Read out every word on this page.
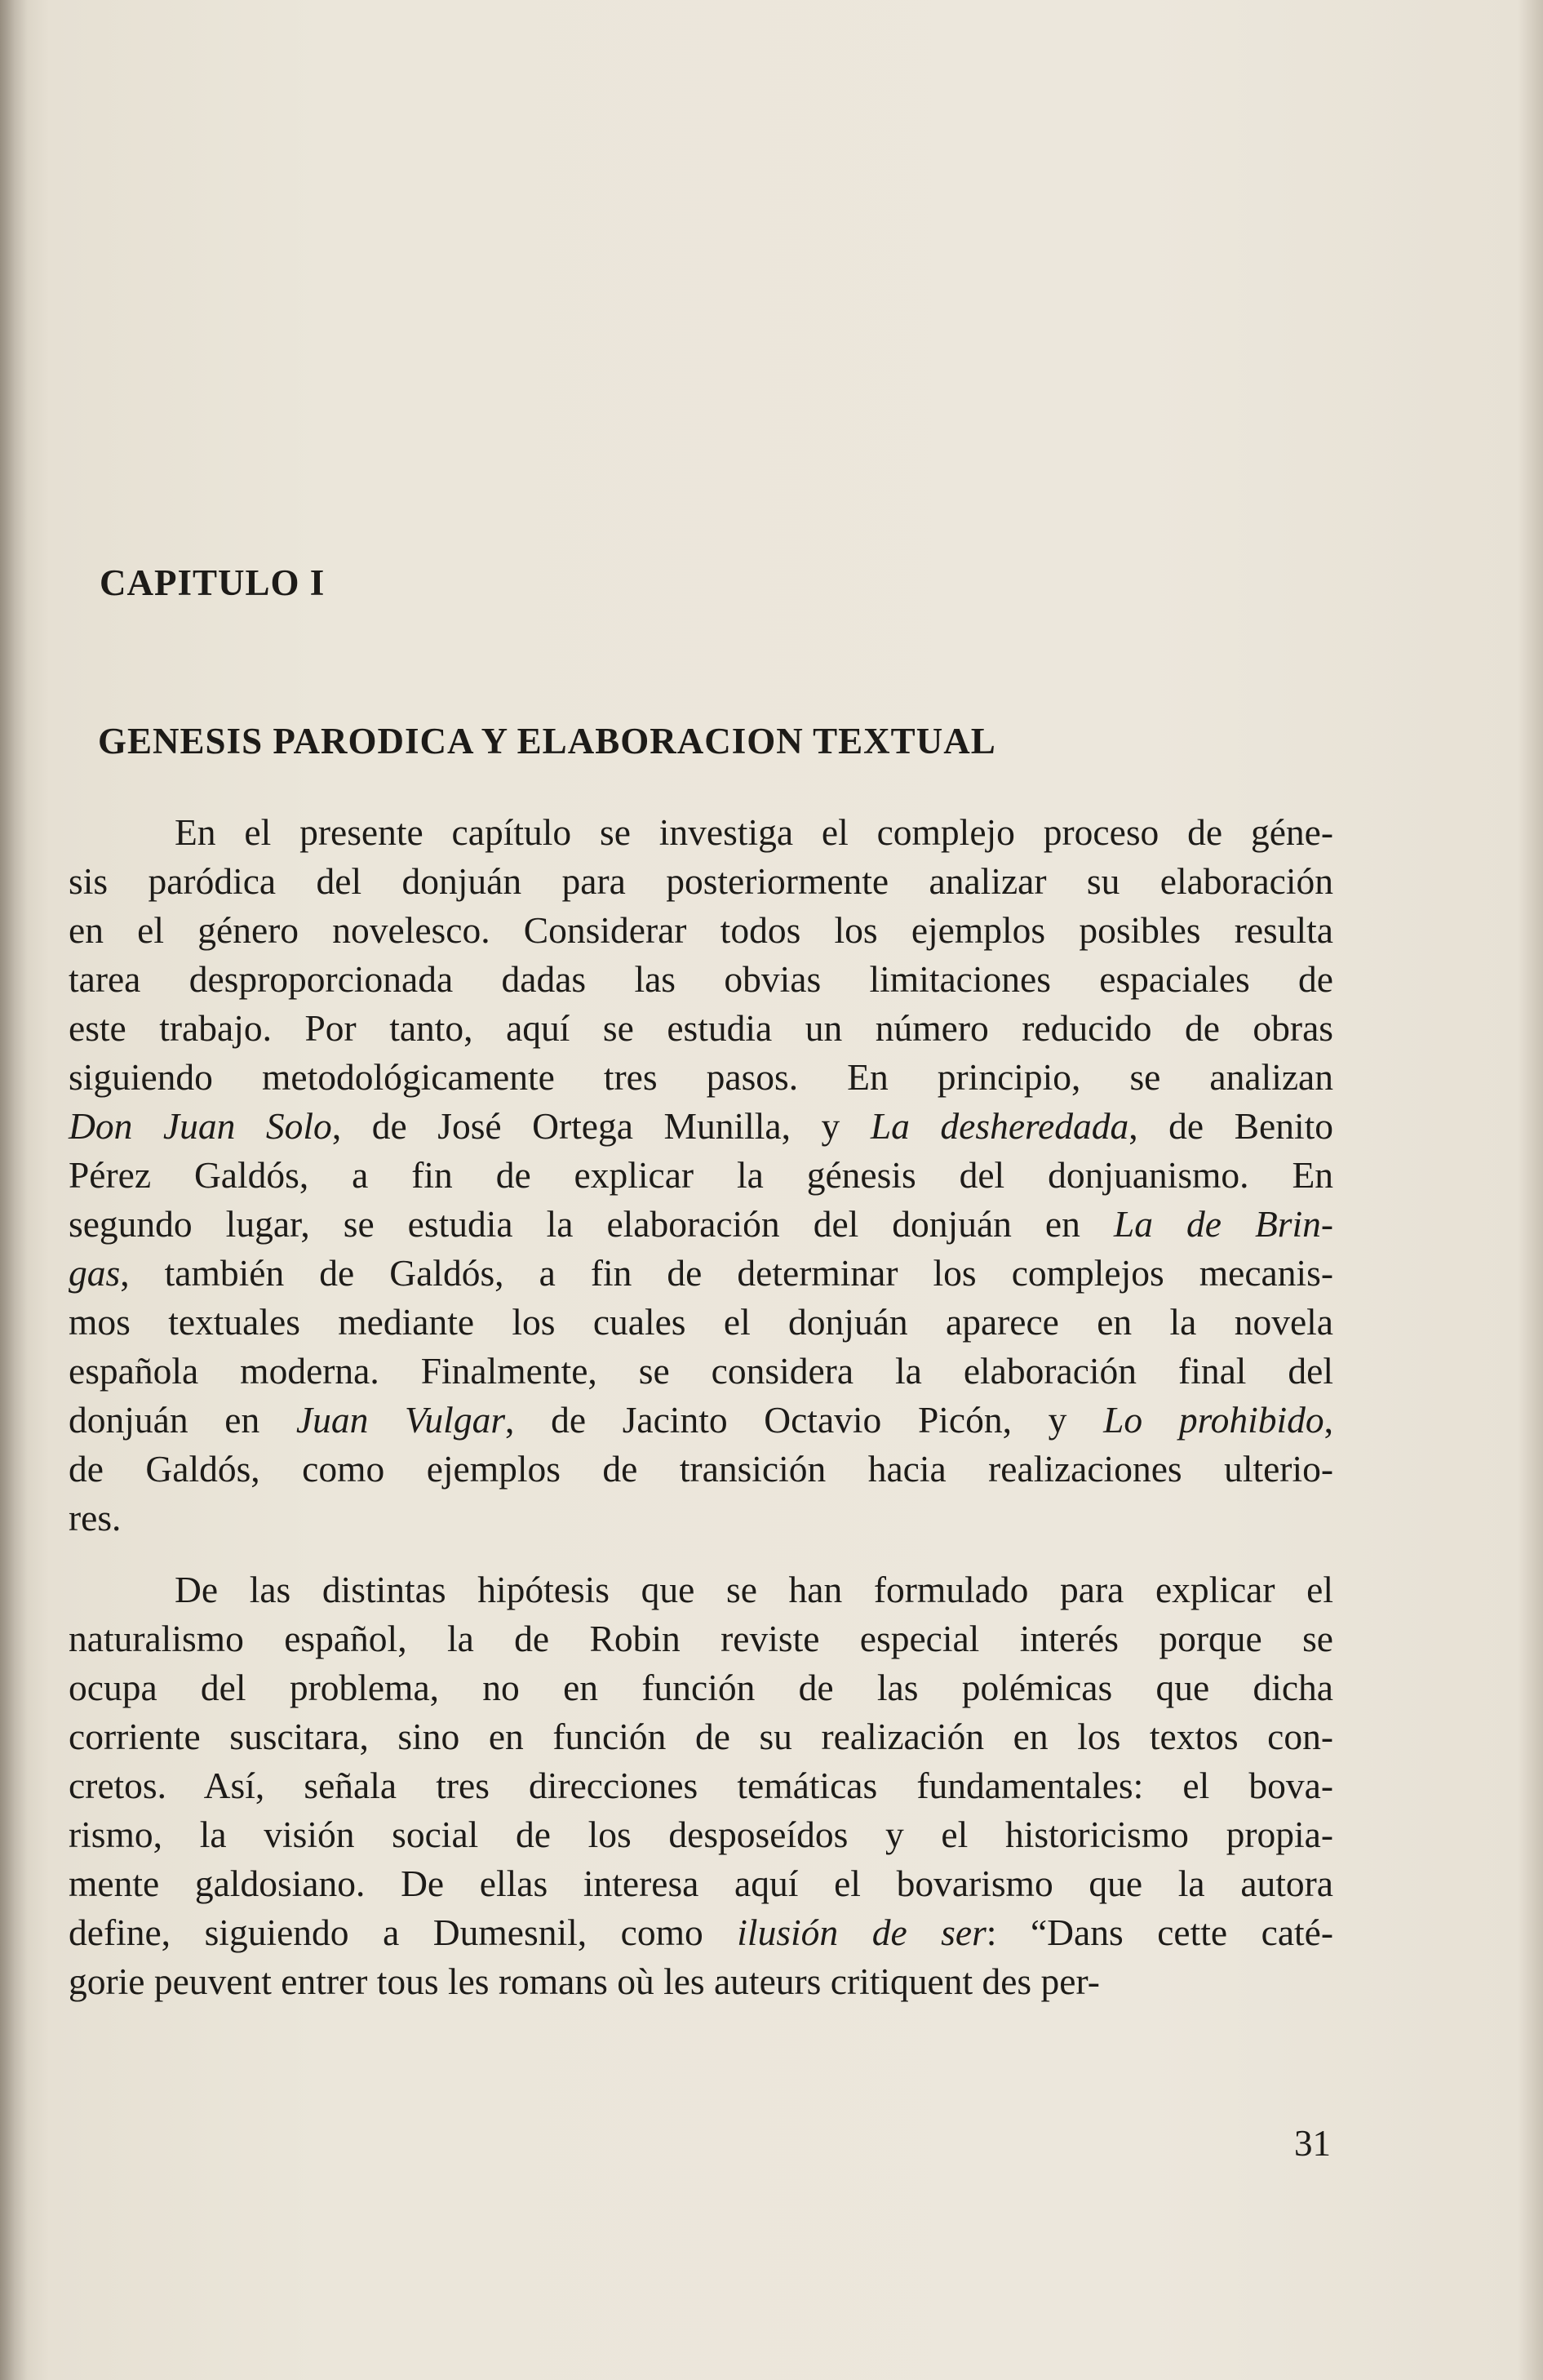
CAPITULO I
GENESIS PARODICA Y ELABORACION TEXTUAL
En el presente capítulo se investiga el complejo proceso de géne-
sis paródica del donjuán para posteriormente analizar su elaboración
en el género novelesco. Considerar todos los ejemplos posibles resulta
tarea desproporcionada dadas las obvias limitaciones espaciales de
este trabajo. Por tanto, aquí se estudia un número reducido de obras
siguiendo metodológicamente tres pasos. En principio, se analizan
Don Juan Solo, de José Ortega Munilla, y La desheredada, de Benito
Pérez Galdós, a fin de explicar la génesis del donjuanismo. En
segundo lugar, se estudia la elaboración del donjuán en La de Brin-
gas, también de Galdós, a fin de determinar los complejos mecanis-
mos textuales mediante los cuales el donjuán aparece en la novela
española moderna. Finalmente, se considera la elaboración final del
donjuán en Juan Vulgar, de Jacinto Octavio Picón, y Lo prohibido,
de Galdós, como ejemplos de transición hacia realizaciones ulterio-
res.
De las distintas hipótesis que se han formulado para explicar el
naturalismo español, la de Robin reviste especial interés porque se
ocupa del problema, no en función de las polémicas que dicha
corriente suscitara, sino en función de su realización en los textos con-
cretos. Así, señala tres direcciones temáticas fundamentales: el bova-
rismo, la visión social de los desposeídos y el historicismo propia-
mente galdosiano. De ellas interesa aquí el bovarismo que la autora
define, siguiendo a Dumesnil, como ilusión de ser: “Dans cette caté-
gorie peuvent entrer tous les romans où les auteurs critiquent des per-
31
